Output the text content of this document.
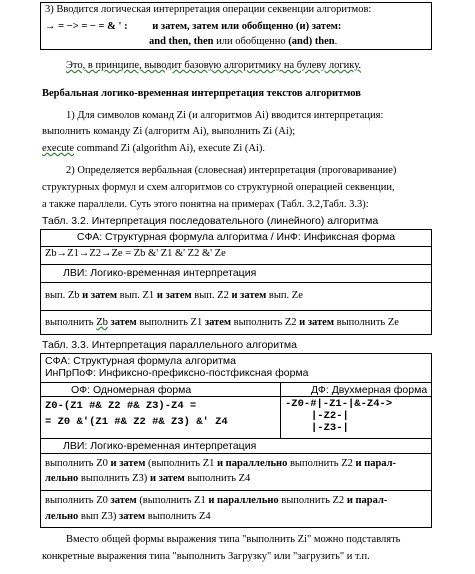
3) Вводится логическая интерпретация операции секвенции алгоритмов:
→ = −> = − = & ' : и затем, затем или обобщенно (и) затем:
and then, then или обобщенно (and) then.
Это, в принципе, выводит базовую алгоритмику на булеву логику.
Вербальная логико-временная интерпретация текстов алгоритмов
1) Для символов команд Zi (и алгоритмов Ai) вводится интерпретация:
выполнить команду Zi (алгоритм Ai), выполнить Zi (Ai);
execute command Zi (algorithm Ai), execute Zi (Ai).
2) Определяется вербальная (словесная) интерпретация (проговаривание)
структурных формул и схем алгоритмов со структурной операцией секвенции,
а также параллели. Суть этого понятна на примерах (Табл. 3.2,Табл. 3.3):
Табл. 3.2. Интерпретация последовательного (линейного) алгоритма
СФА: Структурная формула алгоритма / ИнФ: Инфиксная форма
Zb→Z1→Z2→Ze = Zb &' Z1 &' Z2 &' Ze
ЛВИ: Логико-временная интерпретация
вып. Zb и затем вып. Z1 и затем вып. Z2 и затем вып. Ze
выполнить Zb затем выполнить Z1 затем выполнить Z2 и затем выполнить Ze
Табл. 3.3. Интерпретация параллельного алгоритма
СФА: Структурная формула алгоритма
ИнПрПоФ: Инфиксно-префиксно-постфиксная форма
ОФ: Одномерная форма	ДФ: Двухмерная форма
Z0-(Z1 #& Z2 #& Z3)-Z4 =
= Z0 &'(Z1 #& Z2 #& Z3) &' Z4
-Z0-#|-Z1-|&-Z4->
|-Z2-|
|-Z3-|
ЛВИ: Логико-временная интерпретация
выполнить Z0 и затем (выполнить Z1 и параллельно выполнить Z2 и парал-
лельно выполнить Z3) и затем выполнить Z4
выполнить Z0 затем (выполнить Z1 и параллельно выполнить Z2 и парал-
лельно вып Z3) затем выполнить Z4
Вместо общей формы выражения типа "выполнить Zi" можно подставлять
конкретные выражения типа "выполнить Загрузку" или "загрузить" и т.п.
